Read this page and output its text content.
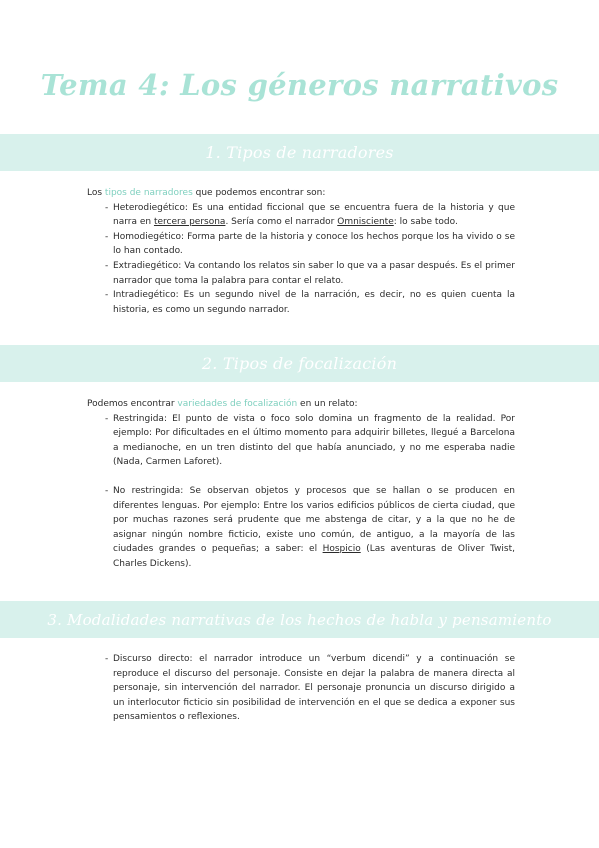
Tema 4: Los géneros narrativos
1. Tipos de narradores

Los tipos de narradores que podemos encontrar son:

- Heterodiegético: Es una entidad ficcional que se encuentra fuera de la historia y que narra en tercera persona. Sería como el narrador Omnisciente: lo sabe todo.
- Homodiegético: Forma parte de la historia y conoce los hechos porque los ha vivido o se lo han contado.
- Extradiegético: Va contando los relatos sin saber lo que va a pasar después. Es el primer narrador que toma la palabra para contar el relato.
- Intradiegético: Es un segundo nivel de la narración, es decir, no es quien cuenta la historia, es como un segundo narrador.
2. Tipos de focalización

Podemos encontrar variedades de focalización en un relato:

- Restringida: El punto de vista o foco solo domina un fragmento de la realidad. Por ejemplo: Por dificultades en el último momento para adquirir billetes, llegué a Barcelona a medianoche, en un tren distinto del que había anunciado, y no me esperaba nadie (Nada, Carmen Laforet).
- No restringida: Se observan objetos y procesos que se hallan o se producen en diferentes lenguas. Por ejemplo: Entre los varios edificios públicos de cierta ciudad, que por muchas razones será prudente que me abstenga de citar, y a la que no he de asignar ningún nombre ficticio, existe uno común, de antiguo, a la mayoría de las ciudades grandes o pequeñas; a saber: el Hospicio (Las aventuras de Oliver Twist, Charles Dickens).
3. Modalidades narrativas de los hechos de habla y pensamiento
- Discurso directo: el narrador introduce un “verbum dicendi” y a continuación se reproduce el discurso del personaje. Consiste en dejar la palabra de manera directa al personaje, sin intervención del narrador. El personaje pronuncia un discurso dirigido a un interlocutor ficticio sin posibilidad de intervención en el que se dedica a exponer sus pensamientos o reflexiones.
